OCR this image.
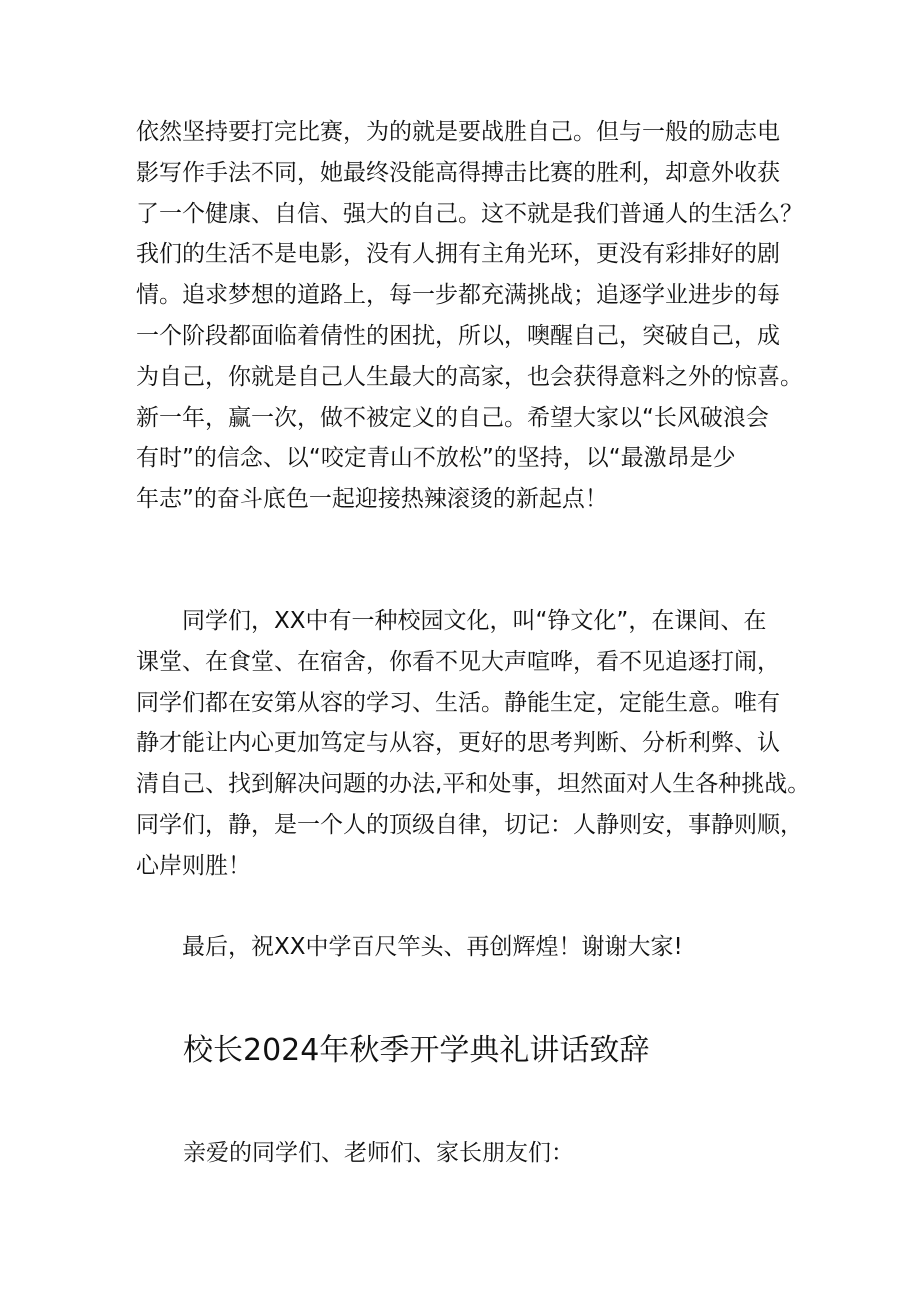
依然坚持要打完比赛，为的就是要战胜自己。但与一般的励志电
影写作手法不同，她最终没能高得搏击比赛的胜利，却意外收获
了一个健康、自信、强大的自己。这不就是我们普通人的生活么？
我们的生活不是电影，没有人拥有主角光环，更没有彩排好的剧
情。追求梦想的道路上，每一步都充满挑战；追逐学业进步的每
一个阶段都面临着倩性的困扰，所以，噢醒自己，突破自己，成
为自己，你就是自己人生最大的高家，也会获得意料之外的惊喜。
新一年，赢一次，做不被定义的自己。希望大家以“长风破浪会
有时”的信念、以“咬定青山不放松”的坚持，以“最激昂是少
年志”的奋斗底色一起迎接热辣滚烫的新起点！
同学们，XX中有一种校园文化，叫“铮文化”，在课间、在
课堂、在食堂、在宿舍，你看不见大声喧哗，看不见追逐打闹，
同学们都在安第从容的学习、生活。静能生定，定能生意。唯有
静才能让内心更加笃定与从容，更好的思考判断、分析利弊、认
清自己、找到解决问题的办法,平和处事，坦然面对人生各种挑战。
同学们，静，是一个人的顶级自律，切记：人静则安，事静则顺，
心岸则胜！
最后，祝XX中学百尺竿头、再创辉煌！谢谢大家!
校长2024年秋季开学典礼讲话致辞
亲爱的同学们、老师们、家长朋友们：
